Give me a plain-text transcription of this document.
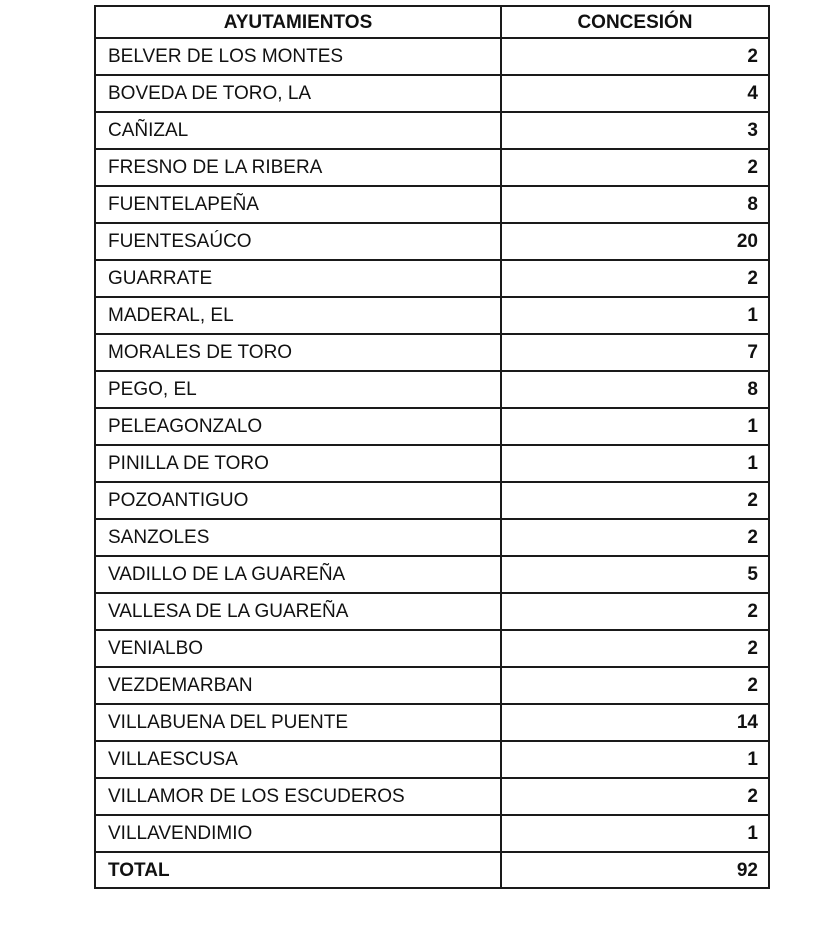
AYUTAMIENTOS	CONCESIÓN
BELVER DE LOS MONTES	2
BOVEDA DE TORO, LA	4
CAÑIZAL	3
FRESNO DE LA RIBERA	2
FUENTELAPEÑA	8
FUENTESAÚCO	20
GUARRATE	2
MADERAL, EL	1
MORALES DE TORO	7
PEGO, EL	8
PELEAGONZALO	1
PINILLA DE TORO	1
POZOANTIGUO	2
SANZOLES	2
VADILLO DE LA GUAREÑA	5
VALLESA DE LA GUAREÑA	2
VENIALBO	2
VEZDEMARBAN	2
VILLABUENA DEL PUENTE	14
VILLAESCUSA	1
VILLAMOR DE LOS ESCUDEROS	2
VILLAVENDIMIO	1
TOTAL	92
